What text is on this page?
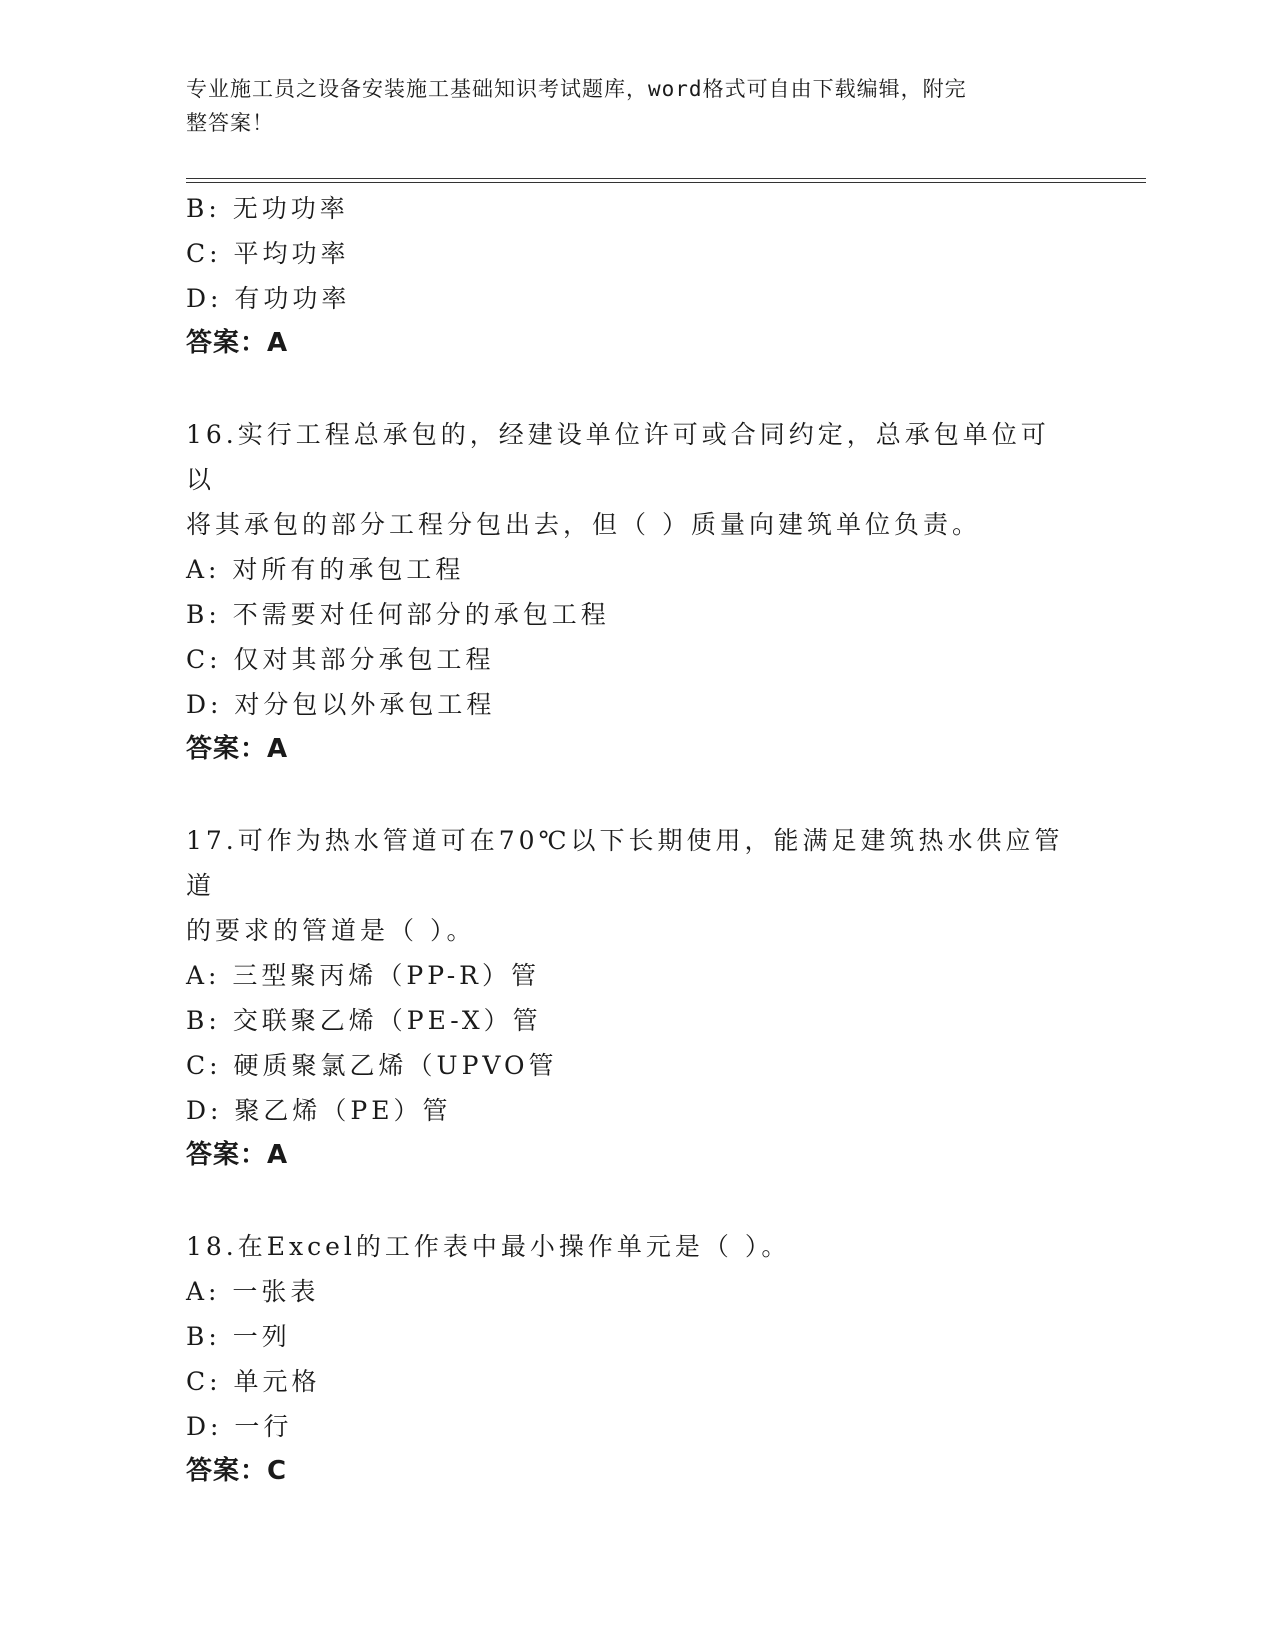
专业施工员之设备安装施工基础知识考试题库，word格式可自由下载编辑，附完
整答案！
B: 无功功率
C: 平均功率
D: 有功功率
答案：A
16.实行工程总承包的，经建设单位许可或合同约定，总承包单位可以
将其承包的部分工程分包出去，但（ ）质量向建筑单位负责。
A: 对所有的承包工程
B: 不需要对任何部分的承包工程
C: 仅对其部分承包工程
D: 对分包以外承包工程
答案：A
17.可作为热水管道可在70℃以下长期使用，能满足建筑热水供应管道
的要求的管道是（ ）。
A: 三型聚丙烯（PP-R）管
B: 交联聚乙烯（PE-X）管
C: 硬质聚氯乙烯（UPVO管
D: 聚乙烯（PE）管
答案：A
18.在Excel的工作表中最小操作单元是（ ）。
A: 一张表
B: 一列
C: 单元格
D: 一行
答案：C
